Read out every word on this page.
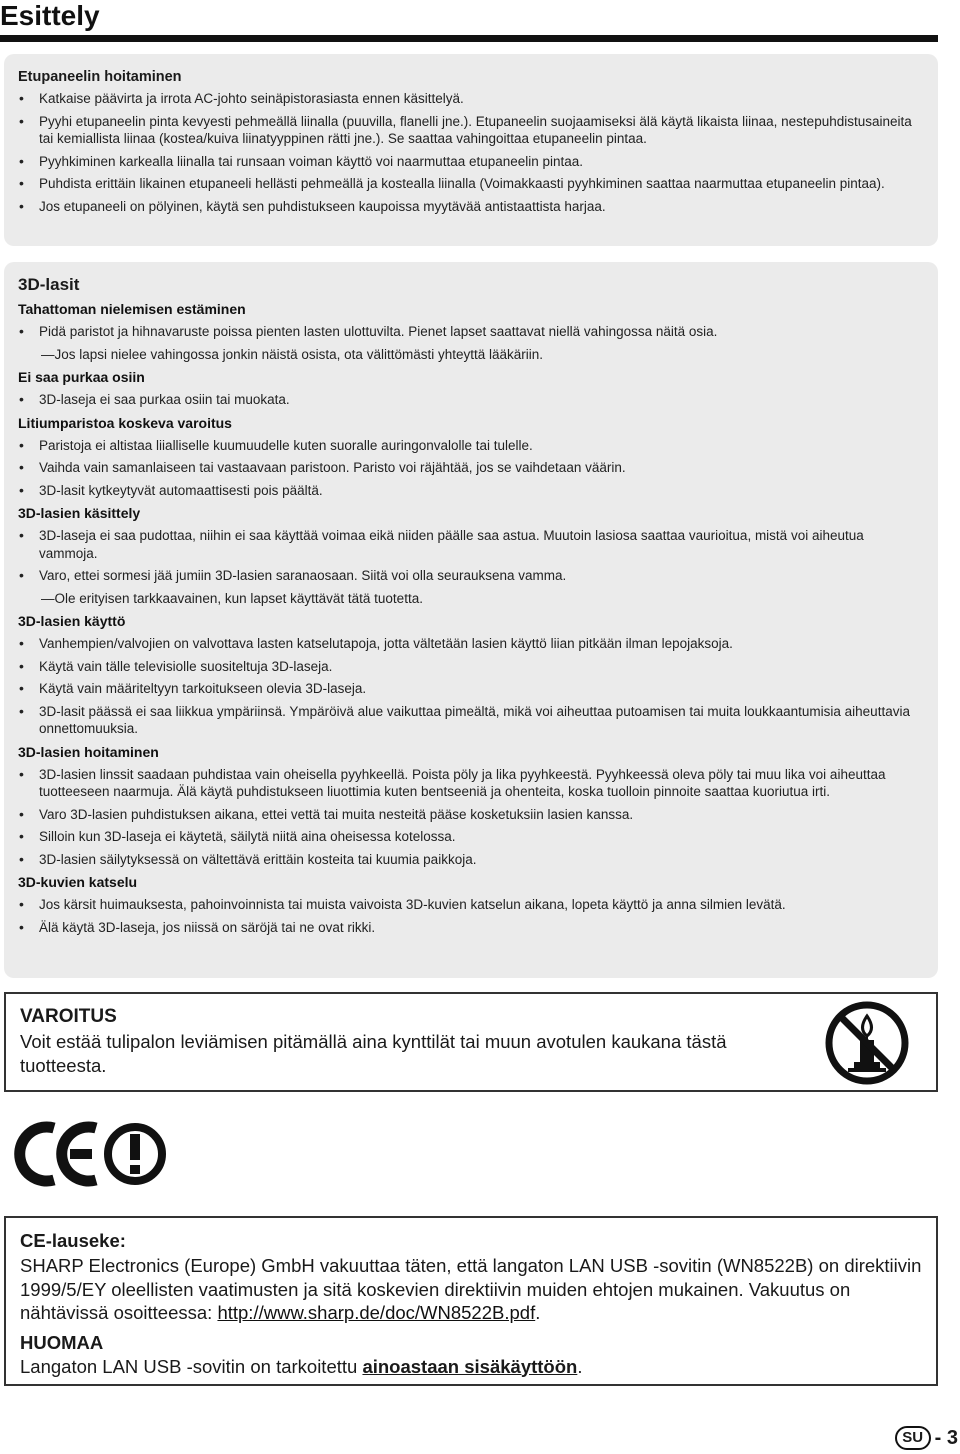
Esittely
Etupaneelin hoitaminen
• Katkaise päävirta ja irrota AC-johto seinäpistorasiasta ennen käsittelyä.
• Pyyhi etupaneelin pinta kevyesti pehmeällä liinalla (puuvilla, flanelli jne.). Etupaneelin suojaamiseksi älä käytä likaista liinaa, nestepuhdistusaineita tai kemiallista liinaa (kostea/kuiva liinatyyppinen rätti jne.). Se saattaa vahingoittaa etupaneelin pintaa.
• Pyyhkiminen karkealla liinalla tai runsaan voiman käyttö voi naarmuttaa etupaneelin pintaa.
• Puhdista erittäin likainen etupaneeli hellästi pehmeällä ja kostealla liinalla (Voimakkaasti pyyhkiminen saattaa naarmuttaa etupaneelin pintaa).
• Jos etupaneeli on pölyinen, käytä sen puhdistukseen kaupoissa myytävää antistaattista harjaa.
3D-lasit
Tahattoman nielemisen estäminen
• Pidä paristot ja hihnavaruste poissa pienten lasten ulottuvilta. Pienet lapset saattavat niellä vahingossa näitä osia.
—Jos lapsi nielee vahingossa jonkin näistä osista, ota välittömästi yhteyttä lääkäriin.
Ei saa purkaa osiin
• 3D-laseja ei saa purkaa osiin tai muokata.
Litiumparistoa koskeva varoitus
• Paristoja ei altistaa liialliselle kuumuudelle kuten suoralle auringonvalolle tai tulelle.
• Vaihda vain samanlaiseen tai vastaavaan paristoon. Paristo voi räjähtää, jos se vaihdetaan väärin.
• 3D-lasit kytkeytyvät automaattisesti pois päältä.
3D-lasien käsittely
• 3D-laseja ei saa pudottaa, niihin ei saa käyttää voimaa eikä niiden päälle saa astua. Muutoin lasiosa saattaa vaurioitua, mistä voi aiheutua vammoja.
• Varo, ettei sormesi jää jumiin 3D-lasien saranaosaan. Siitä voi olla seurauksena vamma.
—Ole erityisen tarkkaavainen, kun lapset käyttävät tätä tuotetta.
3D-lasien käyttö
• Vanhempien/valvojien on valvottava lasten katselutapoja, jotta vältetään lasien käyttö liian pitkään ilman lepojaksoja.
• Käytä vain tälle televisiolle suositeltuja 3D-laseja.
• Käytä vain määriteltyyn tarkoitukseen olevia 3D-laseja.
• 3D-lasit päässä ei saa liikkua ympäriinsä. Ympäröivä alue vaikuttaa pimeältä, mikä voi aiheuttaa putoamisen tai muita loukkaantumisia aiheuttavia onnettomuuksia.
3D-lasien hoitaminen
• 3D-lasien linssit saadaan puhdistaa vain oheisella pyyhkeellä. Poista pöly ja lika pyyhkeestä. Pyyhkeessä oleva pöly tai muu lika voi aiheuttaa tuotteeseen naarmuja. Älä käytä puhdistukseen liuottimia kuten bentseeniä ja ohenteita, koska tuolloin pinnoite saattaa kuoriutua irti.
• Varo 3D-lasien puhdistuksen aikana, ettei vettä tai muita nesteitä pääse kosketuksiin lasien kanssa.
• Silloin kun 3D-laseja ei käytetä, säilytä niitä aina oheisessa kotelossa.
• 3D-lasien säilytyksessä on vältettävä erittäin kosteita tai kuumia paikkoja.
3D-kuvien katselu
• Jos kärsit huimauksesta, pahoinvoinnista tai muista vaivoista 3D-kuvien katselun aikana, lopeta käyttö ja anna silmien levätä.
• Älä käytä 3D-laseja, jos niissä on säröjä tai ne ovat rikki.
VAROITUS
Voit estää tulipalon leviämisen pitämällä aina kynttilät tai muun avotulen kaukana tästä tuotteesta.
CE-lauseke:

SHARP Electronics (Europe) GmbH vakuuttaa täten, että langaton LAN USB -sovitin (WN8522B) on direktiivin 1999/5/EY oleellisten vaatimusten ja sitä koskevien direktiivin muiden ehtojen mukainen. Vakuutus on nähtävissä osoitteessa: http://www.sharp.de/doc/WN8522B.pdf.

HUOMAA

Langaton LAN USB -sovitin on tarkoitettu ainoastaan sisäkäyttöön.

SU - 3
